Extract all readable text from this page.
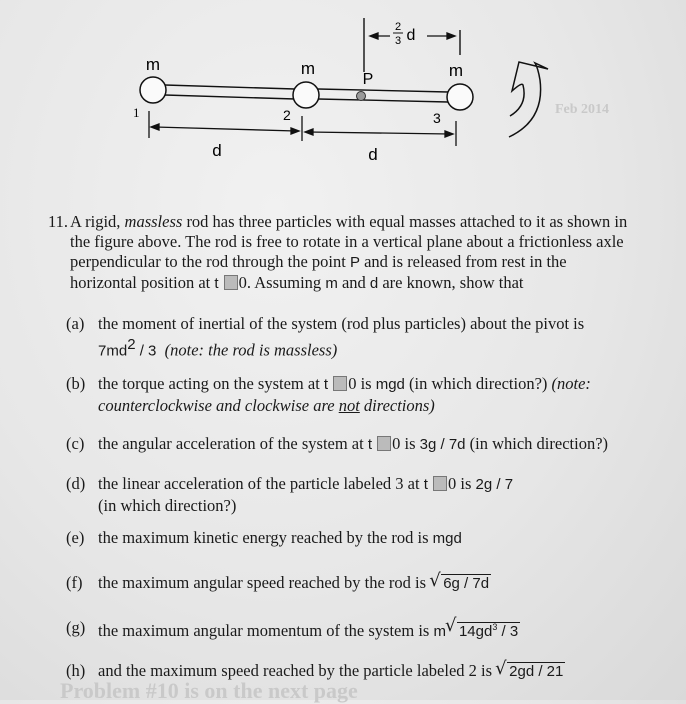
Feb 2014
Problem #10 is on the next page
2
3 d
m	m	m
P
1	2	3
d	d
11. A rigid, massless rod has three particles with equal masses attached to it as shown in the figure above. The rod is free to rotate in a vertical plane about a frictionless axle perpendicular to the rod through the point P and is released from rest in the horizontal position at t 0. Assuming m and d are known, show that
(a) the moment of inertial of the system (rod plus particles) about the pivot is
$7md^2 / 3$ (note: the rod is massless)
(b) the torque acting on the system at t 0 is mgd (in which direction?) (note: counterclockwise and clockwise are not directions)
(c) the angular acceleration of the system at t 0 is 3g / 7d (in which direction?)
(d) the linear acceleration of the particle labeled 3 at t 0 is 2g / 7 (in which direction?)
(e) the maximum kinetic energy reached by the rod is mgd
(f) the maximum angular speed reached by the rod is √ 6g / 7d
(g) the maximum angular momentum of the system is m √ $14gd^3 / 3$
(h) and the maximum speed reached by the particle labeled 2 is √ 2gd / 21
